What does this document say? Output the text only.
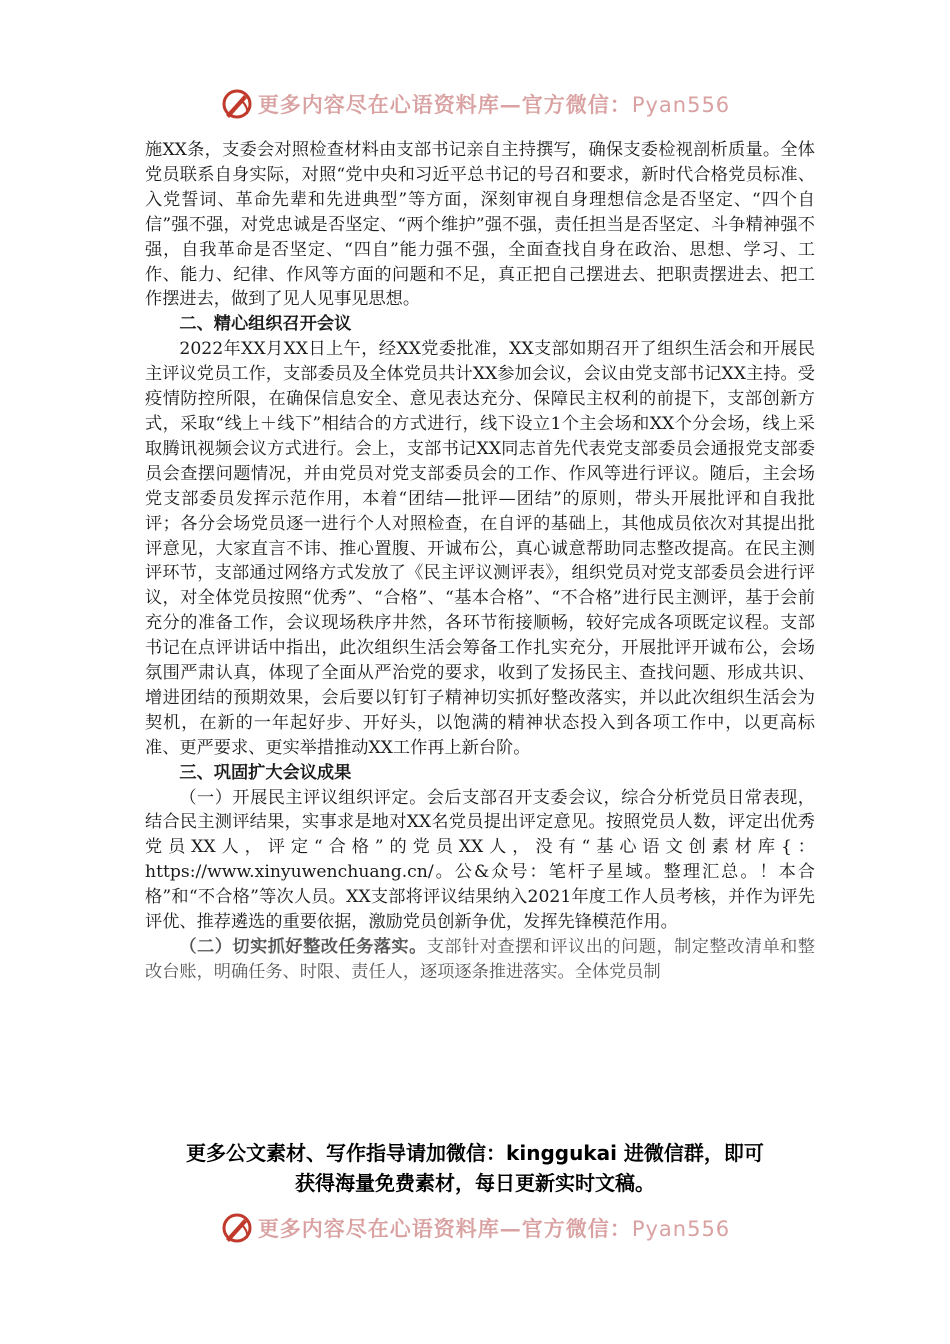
更多内容尽在心语资料库—官方微信：Pyan556

施XX条，支委会对照检查材料由支部书记亲自主持撰写，确保支委检视剖析质量。全体党员联系自身实际，对照“党中央和习近平总书记的号召和要求，新时代合格党员标准、入党誓词、革命先辈和先进典型”等方面，深刻审视自身理想信念是否坚定、“四个自信”强不强，对党忠诚是否坚定、“两个维护”强不强，责任担当是否坚定、斗争精神强不强，自我革命是否坚定、“四自”能力强不强，全面查找自身在政治、思想、学习、工作、能力、纪律、作风等方面的问题和不足，真正把自己摆进去、把职责摆进去、把工作摆进去，做到了见人见事见思想。

二、精心组织召开会议

2022年XX月XX日上午，经XX党委批准，XX支部如期召开了组织生活会和开展民主评议党员工作，支部委员及全体党员共计XX参加会议，会议由党支部书记XX主持。受疫情防控所限，在确保信息安全、意见表达充分、保障民主权利的前提下，支部创新方式，采取“线上＋线下”相结合的方式进行，线下设立1个主会场和XX个分会场，线上采取腾讯视频会议方式进行。会上，支部书记XX同志首先代表党支部委员会通报党支部委员会查摆问题情况，并由党员对党支部委员会的工作、作风等进行评议。随后，主会场党支部委员发挥示范作用，本着“团结—批评—团结”的原则，带头开展批评和自我批评；各分会场党员逐一进行个人对照检查，在自评的基础上，其他成员依次对其提出批评意见，大家直言不讳、推心置腹、开诚布公，真心诚意帮助同志整改提高。在民主测评环节，支部通过网络方式发放了《民主评议测评表》，组织党员对党支部委员会进行评议，对全体党员按照“优秀”、“合格”、“基本合格”、“不合格”进行民主测评，基于会前充分的准备工作，会议现场秩序井然，各环节衔接顺畅，较好完成各项既定议程。支部书记在点评讲话中指出，此次组织生活会筹备工作扎实充分，开展批评开诚布公，会场氛围严肃认真，体现了全面从严治党的要求，收到了发扬民主、查找问题、形成共识、增进团结的预期效果，会后要以钉钉子精神切实抓好整改落实，并以此次组织生活会为契机，在新的一年起好步、开好头，以饱满的精神状态投入到各项工作中，以更高标准、更严要求、更实举措推动XX工作再上新台阶。

三、巩固扩大会议成果

（一）开展民主评议组织评定。会后支部召开支委会议，综合分析党员日常表现，结合民主测评结果，实事求是地对XX名党员提出评定意见。按照党员人数，评定出优秀党员XX人，评定“合格”的党员XX人，没有“基心语文创素材库{：https://www.xinyuwenchuang.cn/。公&众号：笔杆子星域。整理汇总。！本合格”和“不合格”等次人员。XX支部将评议结果纳入2021年度工作人员考核，并作为评先评优、推荐遴选的重要依据，激励党员创新争优，发挥先锋模范作用。

（二）切实抓好整改任务落实。支部针对查摆和评议出的问题，制定整改清单和整改台账，明确任务、时限、责任人，逐项逐条推进落实。全体党员制

更多公文素材、写作指导请加微信：kinggukai 进微信群，即可
获得海量免费素材，每日更新实时文稿。
更多内容尽在心语资料库—官方微信：Pyan556
